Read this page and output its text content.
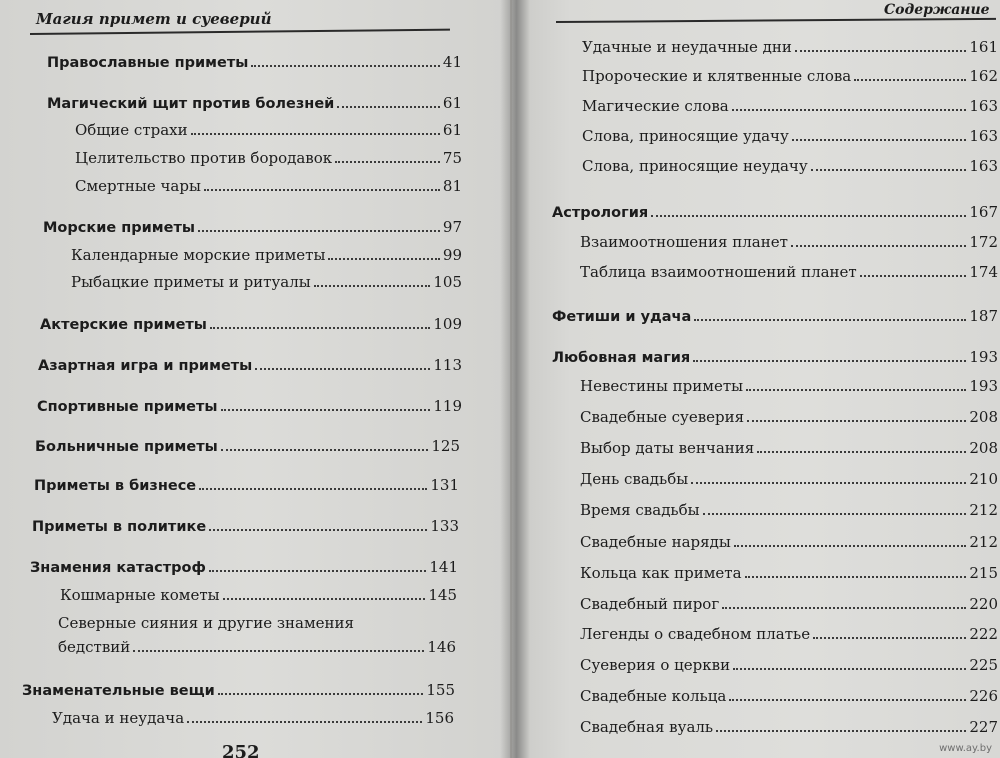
Магия примет и суеверий
Православные приметы	41
Магический щит против болезней	61
Общие страхи	61
Целительство против бородавок	75
Смертные чары	81
Морские приметы	97
Календарные морские приметы	99
Рыбацкие приметы и ритуалы	105
Актерские приметы	109
Азартная игра и приметы	113
Спортивные приметы	119
Больничные приметы	125
Приметы в бизнесе	131
Приметы в политике	133
Знамения катастроф	141
Кошмарные кометы	145
Северные сияния и другие знамения
бедствий	146
Знаменательные вещи	155
Удача и неудача	156
252
Содержание
Удачные и неудачные дни	161
Пророческие и клятвенные слова	162
Магические слова	163
Слова, приносящие удачу	163
Слова, приносящие неудачу	163
Астрология	167
Взаимоотношения планет	172
Таблица взаимоотношений планет	174
Фетиши и удача	187
Любовная магия	193
Невестины приметы	193
Свадебные суеверия	208
Выбор даты венчания	208
День свадьбы	210
Время свадьбы	212
Свадебные наряды	212
Кольца как примета	215
Свадебный пирог	220
Легенды о свадебном платье	222
Суеверия о церкви	225
Свадебные кольца	226
Свадебная вуаль	227
www.ay.by
